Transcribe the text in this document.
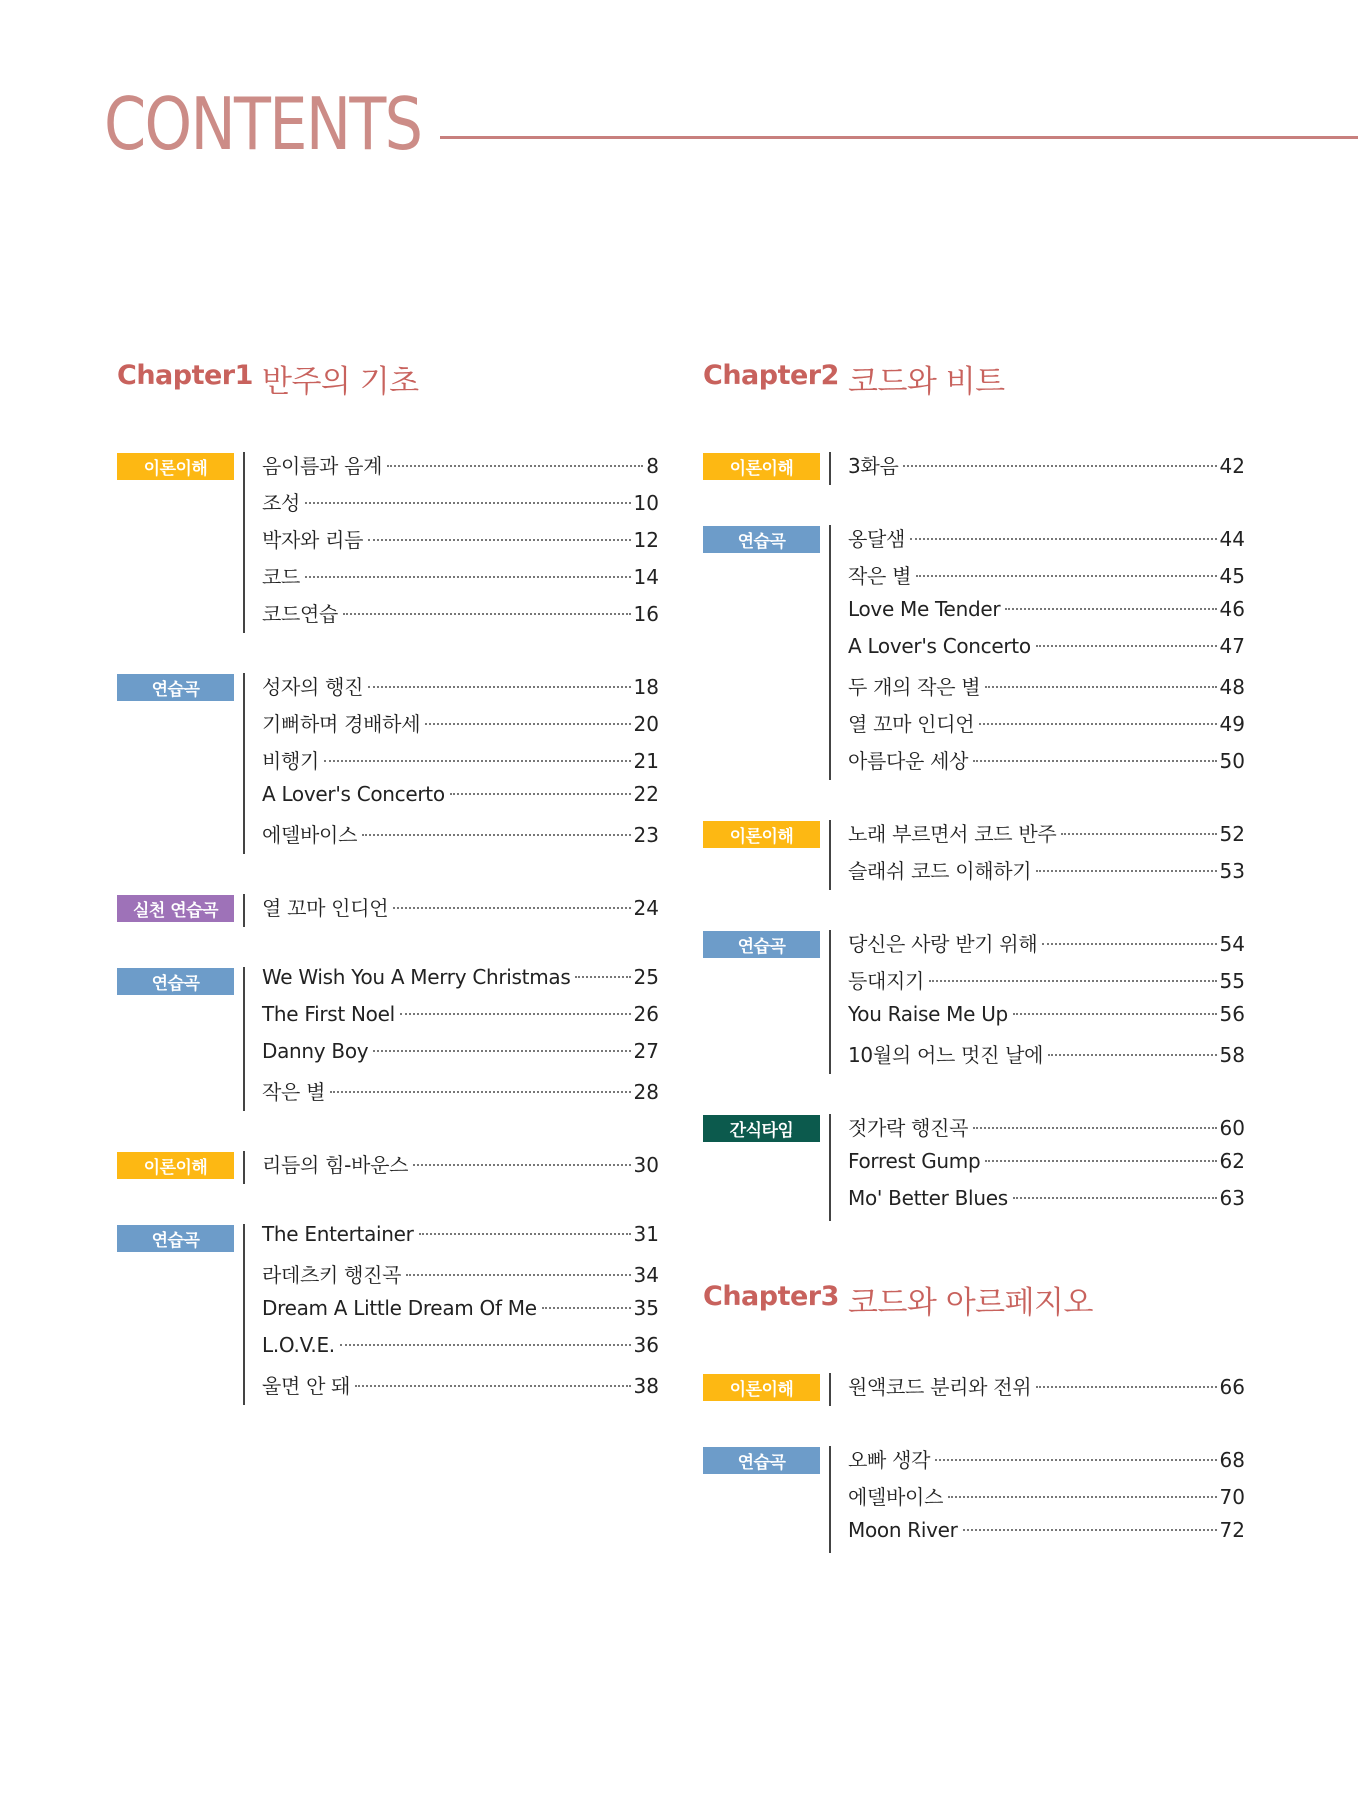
CONTENTS
Chapter1 반주의 기초
이론이해	음이름과 음계	8
조성	10
박자와 리듬	12
코드	14
코드연습	16
연습곡	성자의 행진	18
기뻐하며 경배하세	20
비행기	21
A Lover's Concerto	22
에델바이스	23
실천 연습곡	열 꼬마 인디언	24
연습곡	We Wish You A Merry Christmas	25
The First Noel	26
Danny Boy	27
작은 별	28
이론이해	리듬의 힘-바운스	30
연습곡	The Entertainer	31
라데츠키 행진곡	34
Dream A Little Dream Of Me	35
L.O.V.E.	36
울면 안 돼	38
Chapter2 코드와 비트
이론이해	3화음	42
연습곡	옹달샘	44
작은 별	45
Love Me Tender	46
A Lover's Concerto	47
두 개의 작은 별	48
열 꼬마 인디언	49
아름다운 세상	50
이론이해	노래 부르면서 코드 반주	52
슬래쉬 코드 이해하기	53
연습곡	당신은 사랑 받기 위해	54
등대지기	55
You Raise Me Up	56
10월의 어느 멋진 날에	58
간식타임	젓가락 행진곡	60
Forrest Gump	62
Mo' Better Blues	63
Chapter3 코드와 아르페지오
이론이해	원액코드 분리와 전위	66
연습곡	오빠 생각	68
에델바이스	70
Moon River	72
